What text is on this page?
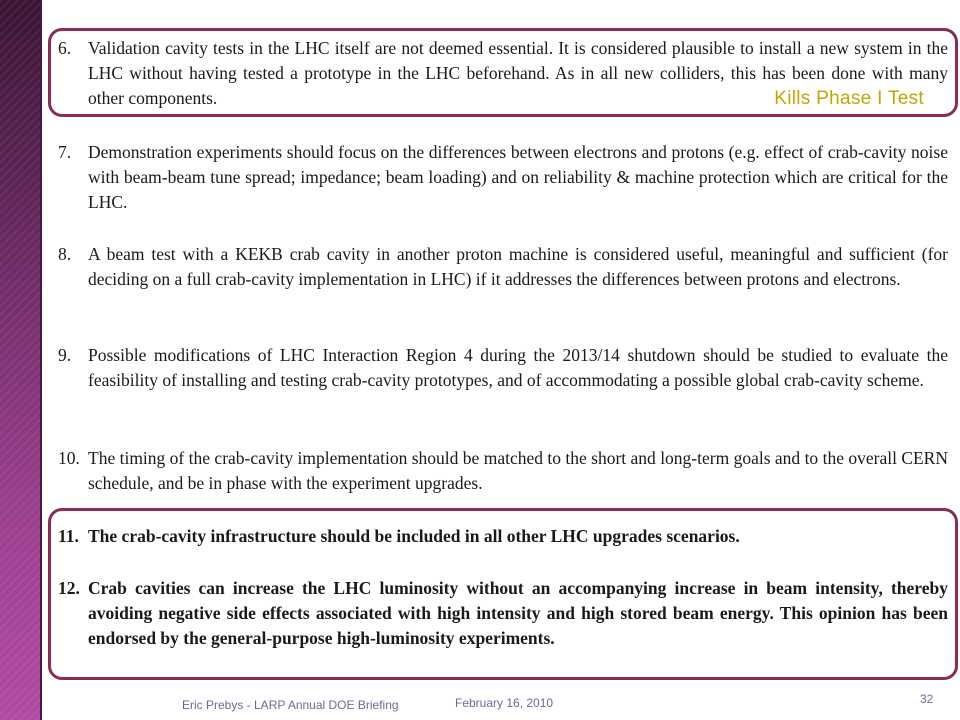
6. Validation cavity tests in the LHC itself are not deemed essential. It is considered plausible to install a new system in the LHC without having tested a prototype in the LHC beforehand. As in all new colliders, this has been done with many other components.	Kills Phase I Test
7. Demonstration experiments should focus on the differences between electrons and protons (e.g. effect of crab-cavity noise with beam-beam tune spread; impedance; beam loading) and on reliability & machine protection which are critical for the LHC.
8. A beam test with a KEKB crab cavity in another proton machine is considered useful, meaningful and sufficient (for deciding on a full crab-cavity implementation in LHC) if it addresses the differences between protons and electrons.
9. Possible modifications of LHC Interaction Region 4 during the 2013/14 shutdown should be studied to evaluate the feasibility of installing and testing crab-cavity prototypes, and of accommodating a possible global crab-cavity scheme.
10. The timing of the crab-cavity implementation should be matched to the short and long-term goals and to the overall CERN schedule, and be in phase with the experiment upgrades.
11. The crab-cavity infrastructure should be included in all other LHC upgrades scenarios.
12. Crab cavities can increase the LHC luminosity without an accompanying increase in beam intensity, thereby avoiding negative side effects associated with high intensity and high stored beam energy. This opinion has been endorsed by the general-purpose high-luminosity experiments.
Eric Prebys - LARP Annual DOE Briefing	February 16, 2010	32
